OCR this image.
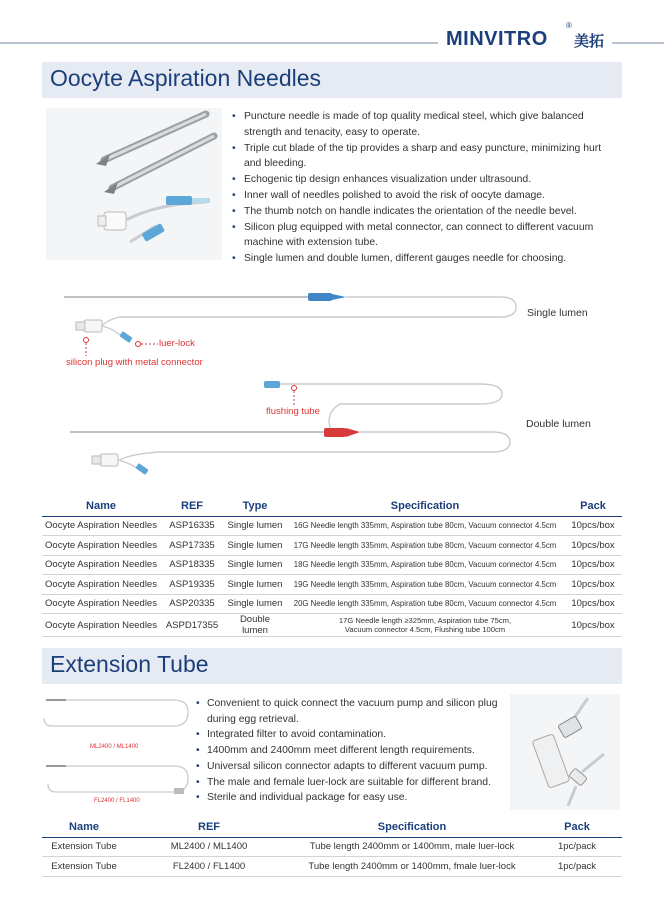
MINVITRO
®
美拓
Oocyte Aspiration Needles
• Puncture needle is made of top quality medical steel, which give balanced strength and tenacity, easy to operate.
• Triple cut blade of the tip provides a sharp and easy puncture, minimizing hurt and bleeding.
• Echogenic tip design enhances visualization under ultrasound.
• Inner wall of needles polished to avoid the risk of oocyte damage.
• The thumb notch on handle indicates the orientation of the needle bevel.
• Silicon plug equipped with metal connector, can connect to different vacuum machine with extension tube.
• Single lumen and double lumen, different gauges needle for choosing.
Single lumen
Double lumen
luer-lock
silicon plug with metal connector
flushing tube
Name	REF	Type	Specification	Pack
Oocyte Aspiration Needles	ASP16335	Single lumen	16G Needle length 335mm, Aspiration tube 80cm, Vacuum connector 4.5cm	10pcs/box
Oocyte Aspiration Needles	ASP17335	Single lumen	17G Needle length 335mm, Aspiration tube 80cm, Vacuum connector 4.5cm	10pcs/box
Oocyte Aspiration Needles	ASP18335	Single lumen	18G Needle length 335mm, Aspiration tube 80cm, Vacuum connector 4.5cm	10pcs/box
Oocyte Aspiration Needles	ASP19335	Single lumen	19G Needle length 335mm, Aspiration tube 80cm, Vacuum connector 4.5cm	10pcs/box
Oocyte Aspiration Needles	ASP20335	Single lumen	20G Needle length 335mm, Aspiration tube 80cm, Vacuum connector 4.5cm	10pcs/box
Oocyte Aspiration Needles	ASPD17355	Double lumen	17G Needle length ≥325mm, Aspiration tube 75cm,
Vacuum connector 4.5cm, Flushing tube 100cm	10pcs/box
Extension Tube
ML2400 / ML1400
FL2400 / FL1400
• Convenient to quick connect the vacuum pump and silicon plug during egg retrieval.
• Integrated filter to avoid contamination.
• 1400mm and 2400mm meet different length requirements.
• Universal silicon connector adapts to different vacuum pump.
• The male and female luer-lock are suitable for different brand.
• Sterile and individual package for easy use.
Name	REF	Specification	Pack
Extension Tube	ML2400 / ML1400	Tube length 2400mm or 1400mm, male luer-lock	1pc/pack
Extension Tube	FL2400 / FL1400	Tube length 2400mm or 1400mm, fmale luer-lock	1pc/pack
